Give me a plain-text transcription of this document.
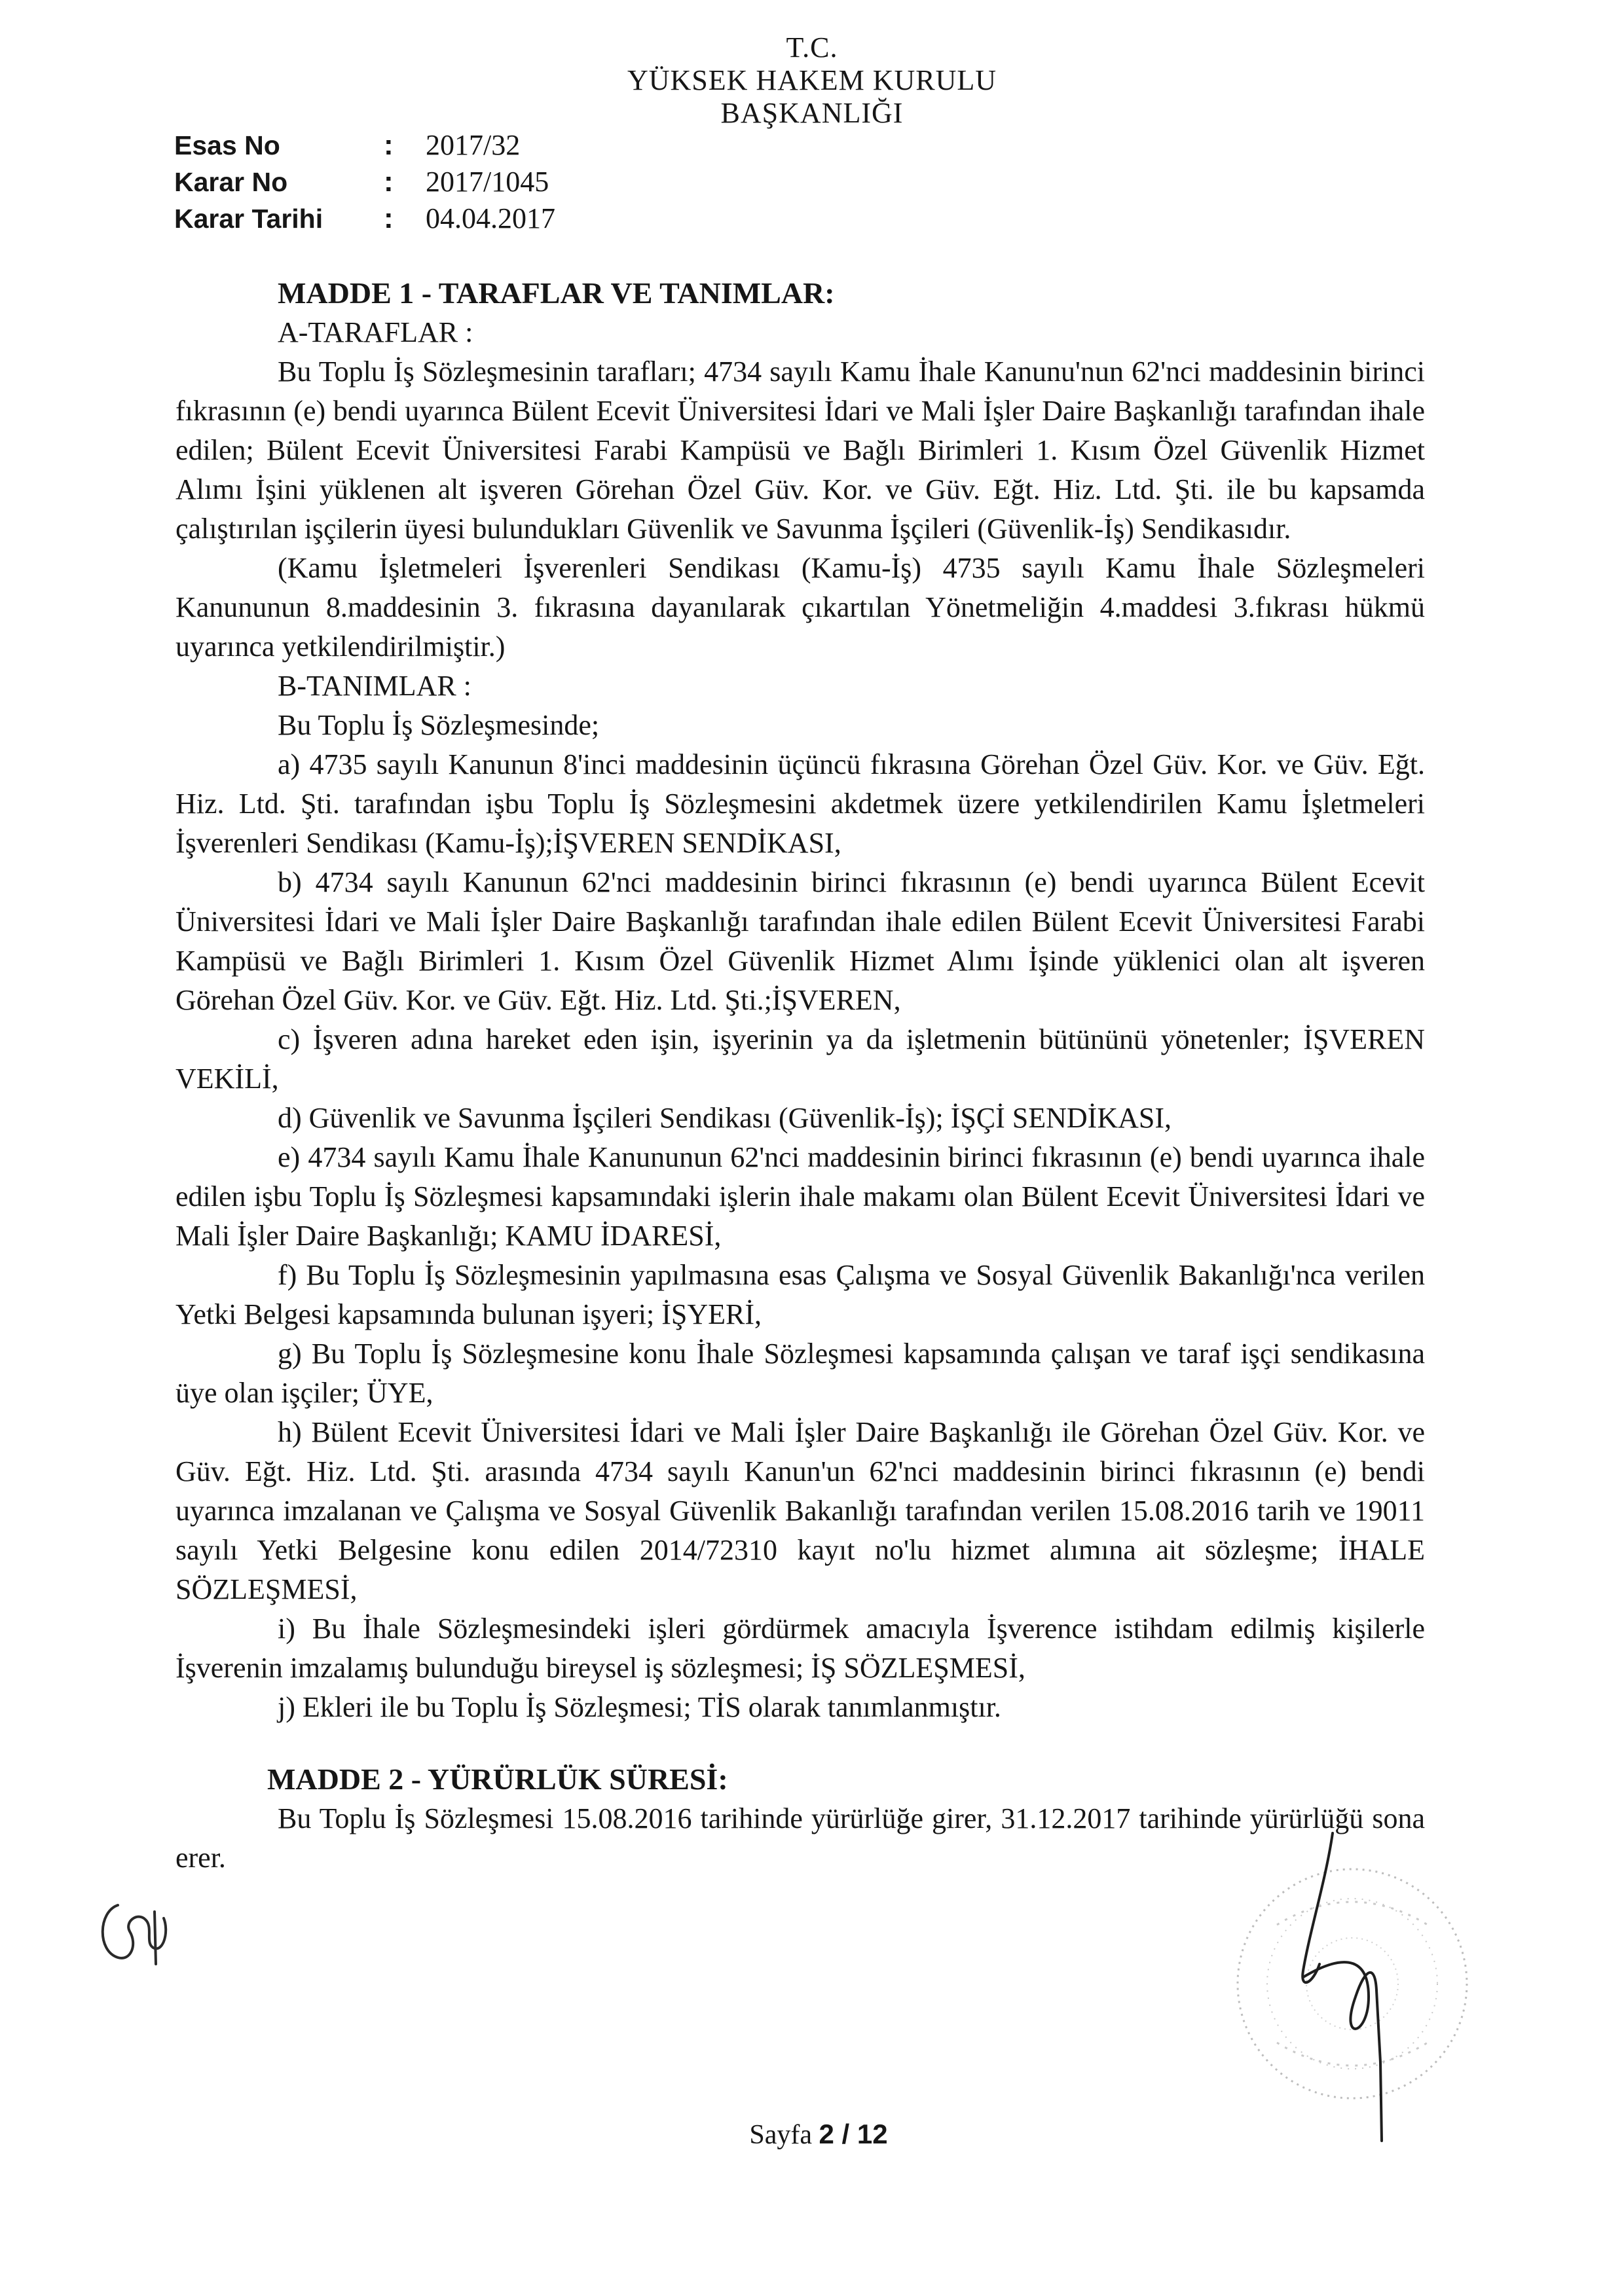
T.C.
YÜKSEK HAKEM KURULU
BAŞKANLIĞI
Esas No	: 2017/32
Karar No	: 2017/1045
Karar Tarihi : 04.04.2017

MADDE 1 - TARAFLAR VE TANIMLAR:

A-TARAFLAR :

Bu Toplu İş Sözleşmesinin tarafları; 4734 sayılı Kamu İhale Kanunu'nun 62'nci maddesinin birinci fıkrasının (e) bendi uyarınca Bülent Ecevit Üniversitesi İdari ve Mali İşler Daire Başkanlığı tarafından ihale edilen; Bülent Ecevit Üniversitesi Farabi Kampüsü ve Bağlı Birimleri 1. Kısım Özel Güvenlik Hizmet Alımı İşini yüklenen alt işveren Görehan Özel Güv. Kor. ve Güv. Eğt. Hiz. Ltd. Şti. ile bu kapsamda çalıştırılan işçilerin üyesi bulundukları Güvenlik ve Savunma İşçileri (Güvenlik-İş) Sendikasıdır.

(Kamu İşletmeleri İşverenleri Sendikası (Kamu-İş) 4735 sayılı Kamu İhale Sözleşmeleri Kanununun 8.maddesinin 3. fıkrasına dayanılarak çıkartılan Yönetmeliğin 4.maddesi 3.fıkrası hükmü uyarınca yetkilendirilmiştir.)

B-TANIMLAR :

Bu Toplu İş Sözleşmesinde;

a) 4735 sayılı Kanunun 8'inci maddesinin üçüncü fıkrasına Görehan Özel Güv. Kor. ve Güv. Eğt. Hiz. Ltd. Şti. tarafından işbu Toplu İş Sözleşmesini akdetmek üzere yetkilendirilen Kamu İşletmeleri İşverenleri Sendikası (Kamu-İş);İŞVEREN SENDİKASI,

b) 4734 sayılı Kanunun 62'nci maddesinin birinci fıkrasının (e) bendi uyarınca Bülent Ecevit Üniversitesi İdari ve Mali İşler Daire Başkanlığı tarafından ihale edilen Bülent Ecevit Üniversitesi Farabi Kampüsü ve Bağlı Birimleri 1. Kısım Özel Güvenlik Hizmet Alımı İşinde yüklenici olan alt işveren Görehan Özel Güv. Kor. ve Güv. Eğt. Hiz. Ltd. Şti.;İŞVEREN,

c) İşveren adına hareket eden işin, işyerinin ya da işletmenin bütününü yönetenler; İŞVEREN VEKİLİ,

d) Güvenlik ve Savunma İşçileri Sendikası (Güvenlik-İş); İŞÇİ SENDİKASI,

e) 4734 sayılı Kamu İhale Kanununun 62'nci maddesinin birinci fıkrasının (e) bendi uyarınca ihale edilen işbu Toplu İş Sözleşmesi kapsamındaki işlerin ihale makamı olan Bülent Ecevit Üniversitesi İdari ve Mali İşler Daire Başkanlığı; KAMU İDARESİ,

f) Bu Toplu İş Sözleşmesinin yapılmasına esas Çalışma ve Sosyal Güvenlik Bakanlığı'nca verilen Yetki Belgesi kapsamında bulunan işyeri; İŞYERİ,

g) Bu Toplu İş Sözleşmesine konu İhale Sözleşmesi kapsamında çalışan ve taraf işçi sendikasına üye olan işçiler; ÜYE,

h) Bülent Ecevit Üniversitesi İdari ve Mali İşler Daire Başkanlığı ile Görehan Özel Güv. Kor. ve Güv. Eğt. Hiz. Ltd. Şti. arasında 4734 sayılı Kanun'un 62'nci maddesinin birinci fıkrasının (e) bendi uyarınca imzalanan ve Çalışma ve Sosyal Güvenlik Bakanlığı tarafından verilen 15.08.2016 tarih ve 19011 sayılı Yetki Belgesine konu edilen 2014/72310 kayıt no'lu hizmet alımına ait sözleşme; İHALE SÖZLEŞMESİ,

i) Bu İhale Sözleşmesindeki işleri gördürmek amacıyla İşverence istihdam edilmiş kişilerle İşverenin imzalamış bulunduğu bireysel iş sözleşmesi; İŞ SÖZLEŞMESİ,

j) Ekleri ile bu Toplu İş Sözleşmesi; TİS olarak tanımlanmıştır.

MADDE 2 - YÜRÜRLÜK SÜRESİ:

Bu Toplu İş Sözleşmesi 15.08.2016 tarihinde yürürlüğe girer, 31.12.2017 tarihinde yürürlüğü sona erer.

Sayfa 2 / 12
